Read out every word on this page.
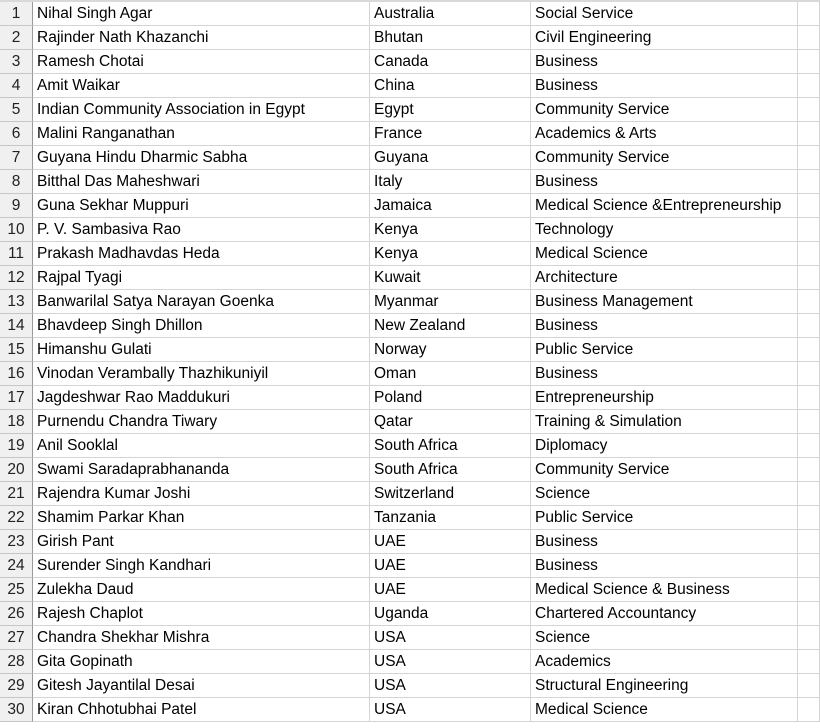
1	Nihal Singh Agar	Australia	Social Service
2	Rajinder Nath Khazanchi	Bhutan	Civil Engineering
3	Ramesh Chotai	Canada	Business
4	Amit Waikar	China	Business
5	Indian Community Association in Egypt	Egypt	Community Service
6	Malini Ranganathan	France	Academics & Arts
7	Guyana Hindu Dharmic Sabha	Guyana	Community Service
8	Bitthal Das Maheshwari	Italy	Business
9	Guna Sekhar Muppuri	Jamaica	Medical Science &Entrepreneurship
10 P. V. Sambasiva Rao	Kenya	Technology
11 Prakash Madhavdas Heda	Kenya	Medical Science
12 Rajpal Tyagi	Kuwait	Architecture
13 Banwarilal Satya Narayan Goenka	Myanmar	Business Management
14 Bhavdeep Singh Dhillon	New Zealand	Business
15 Himanshu Gulati	Norway	Public Service
16 Vinodan Verambally Thazhikuniyil	Oman	Business
17 Jagdeshwar Rao Maddukuri	Poland	Entrepreneurship
18 Purnendu Chandra Tiwary	Qatar	Training & Simulation
19 Anil Sooklal	South Africa	Diplomacy
20 Swami Saradaprabhananda	South Africa	Community Service
21 Rajendra Kumar Joshi	Switzerland	Science
22 Shamim Parkar Khan	Tanzania	Public Service
23 Girish Pant	UAE	Business
24 Surender Singh Kandhari	UAE	Business
25 Zulekha Daud	UAE	Medical Science & Business
26 Rajesh Chaplot	Uganda	Chartered Accountancy
27 Chandra Shekhar Mishra	USA	Science
28 Gita Gopinath	USA	Academics
29 Gitesh Jayantilal Desai	USA	Structural Engineering
30 Kiran Chhotubhai Patel	USA	Medical Science
